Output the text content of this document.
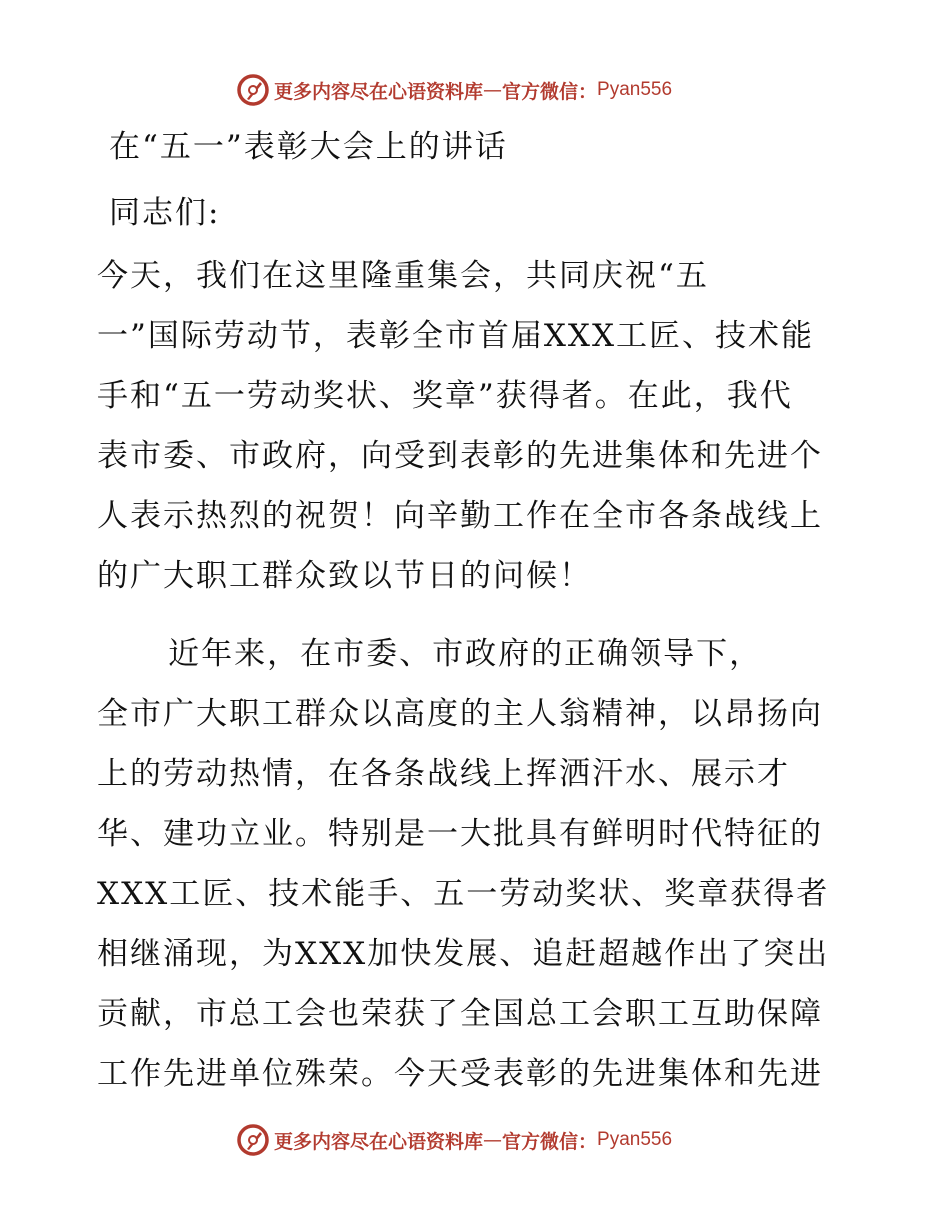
更多内容尽在心语资料库 — 官方微信： Pyan556
在“五一”表彰大会上的讲话

同志们:

今天，我们在这里隆重集会，共同庆祝“五
一”国际劳动节，表彰全市首届XXX工匠、技术能
手和“五一劳动奖状、奖章”获得者。在此，我代
表市委、市政府，向受到表彰的先进集体和先进个
人表示热烈的祝贺！向辛勤工作在全市各条战线上
的广大职工群众致以节日的问候！

近年来，在市委、市政府的正确领导下，
全市广大职工群众以高度的主人翁精神，以昂扬向
上的劳动热情，在各条战线上挥洒汗水、展示才
华、建功立业。特别是一大批具有鲜明时代特征的
XXX工匠、技术能手、五一劳动奖状、奖章获得者
相继涌现，为XXX加快发展、追赶超越作出了突出
贡献，市总工会也荣获了全国总工会职工互助保障
工作先进单位殊荣。今天受表彰的先进集体和先进

更多内容尽在心语资料库 — 官方微信： Pyan556
